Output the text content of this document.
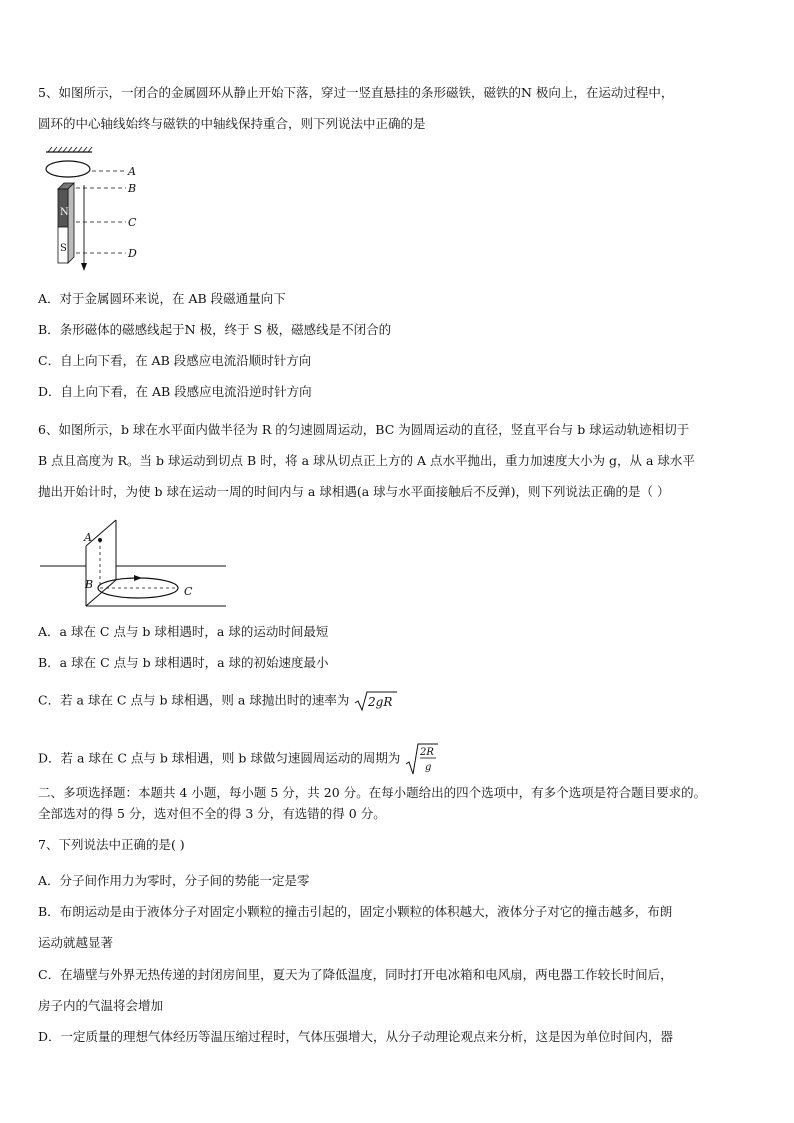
5、如图所示，一闭合的金属圆环从静止开始下落，穿过一竖直悬挂的条形磁铁，磁铁的N 极向上，在运动过程中，
圆环的中心轴线始终与磁铁的中轴线保持重合，则下列说法中正确的是
N
S
A
B
C
D
A．对于金属圆环来说，在 AB 段磁通量向下
B．条形磁体的磁感线起于N 极，终于 S 极，磁感线是不闭合的
C．自上向下看，在 AB 段感应电流沿顺时针方向
D．自上向下看，在 AB 段感应电流沿逆时针方向
6、如图所示，b 球在水平面内做半径为 R 的匀速圆周运动，BC 为圆周运动的直径，竖直平台与 b 球运动轨迹相切于
B 点且高度为 R。当 b 球运动到切点 B 时，将 a 球从切点正上方的 A 点水平抛出，重力加速度大小为 g，从 a 球水平
抛出开始计时，为使 b 球在运动一周的时间内与 a 球相遇(a 球与水平面接触后不反弹)，则下列说法正确的是（ ）
A
B
C
A．a 球在 C 点与 b 球相遇时，a 球的运动时间最短
B．a 球在 C 点与 b 球相遇时，a 球的初始速度最小
C．若 a 球在 C 点与 b 球相遇，则 a 球抛出时的速率为 2gR
D．若 a 球在 C 点与 b 球相遇，则 b 球做匀速圆周运动的周期为 2R
g
二、多项选择题：本题共 4 小题，每小题 5 分，共 20 分。在每小题给出的四个选项中，有多个选项是符合题目要求的。
全部选对的得 5 分，选对但不全的得 3 分，有选错的得 0 分。
7、下列说法中正确的是( )
A．分子间作用力为零时，分子间的势能一定是零
B．布朗运动是由于液体分子对固定小颗粒的撞击引起的，固定小颗粒的体积越大，液体分子对它的撞击越多，布朗
运动就越显著
C．在墙壁与外界无热传递的封闭房间里，夏天为了降低温度，同时打开电冰箱和电风扇，两电器工作较长时间后，
房子内的气温将会增加
D．一定质量的理想气体经历等温压缩过程时，气体压强增大，从分子动理论观点来分析，这是因为单位时间内，器
